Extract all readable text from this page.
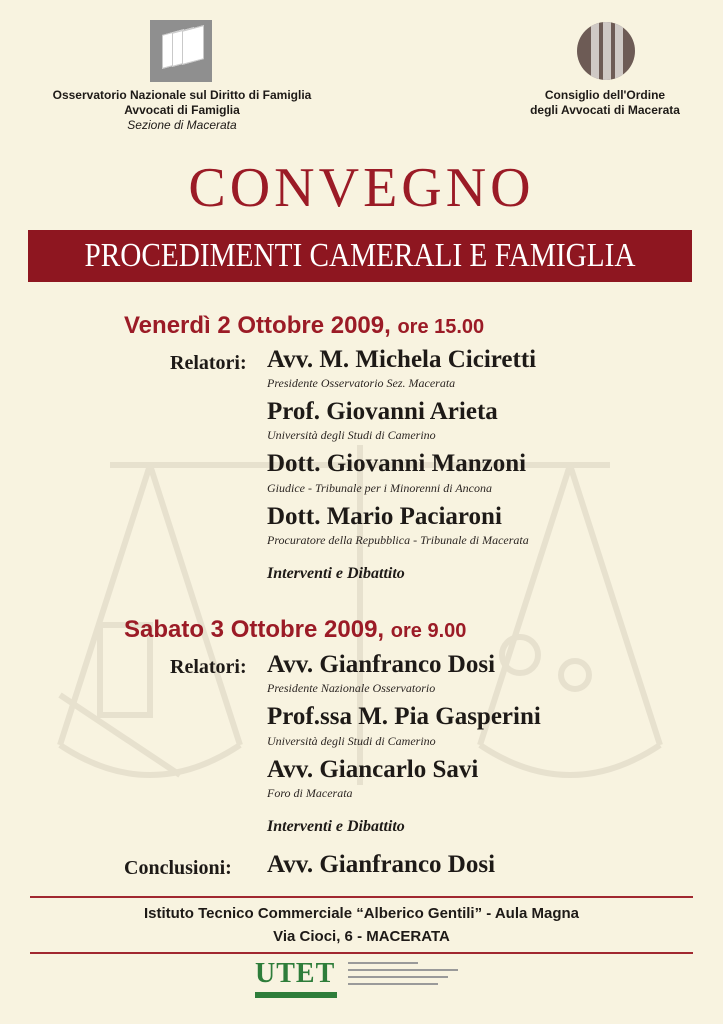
Osservatorio Nazionale sul Diritto di Famiglia
Avvocati di Famiglia
Sezione di Macerata
Consiglio dell'Ordine
degli Avvocati di Macerata
CONVEGNO
PROCEDIMENTI CAMERALI E FAMIGLIA
Venerdì 2 Ottobre 2009, ore 15.00
Relatori: Avv. M. Michela Ciciretti
Presidente Osservatorio Sez. Macerata
Prof. Giovanni Arieta
Università degli Studi di Camerino
Dott. Giovanni Manzoni
Giudice - Tribunale per i Minorenni di Ancona
Dott. Mario Paciaroni
Procuratore della Repubblica - Tribunale di Macerata
Interventi e Dibattito
Sabato 3 Ottobre 2009, ore 9.00
Relatori: Avv. Gianfranco Dosi
Presidente Nazionale Osservatorio
Prof.ssa M. Pia Gasperini
Università degli Studi di Camerino
Avv. Giancarlo Savi
Foro di Macerata
Interventi e Dibattito
Conclusioni: Avv. Gianfranco Dosi
Istituto Tecnico Commerciale “Alberico Gentili” - Aula Magna
Via Cioci, 6 - MACERATA
UTET
